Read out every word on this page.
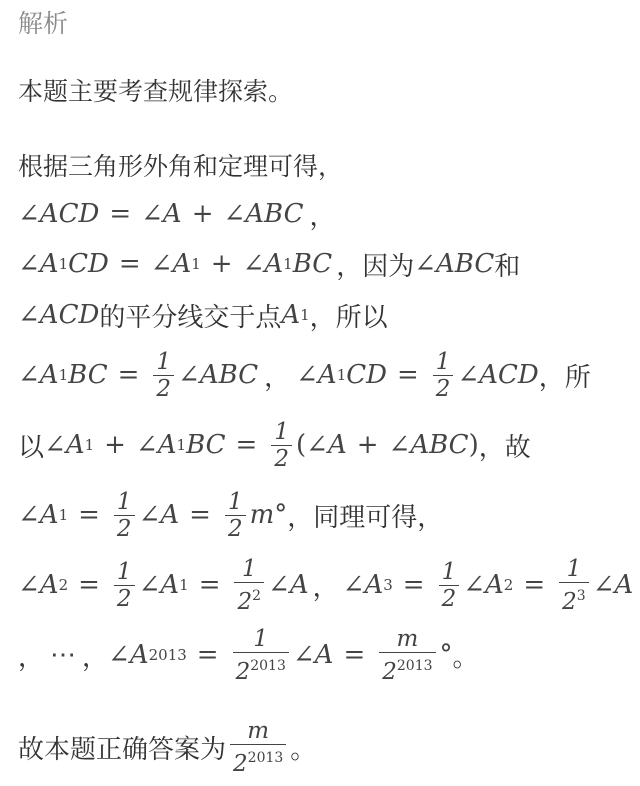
解析
本题主要考查规律探索。
根据三角形外角和定理可得，
∠ ACD = ∠ A + ∠ ABC ，
∠ A 1 CD = ∠ A 1 + ∠ A 1 BC ， 因为 ∠ ABC 和
∠ ACD 的平分线交于点 A 1 ，所以
∠ A 1 BC = $\frac{1}{2}$ ∠ ABC ， ∠ A 1 CD = $\frac{1}{2}$ ∠ ACD ，所
以 ∠ A 1 + ∠ A 1 BC = $\frac{1}{2}$ ( ∠ A + ∠ ABC ) ，故
∠ A $1 = \frac{1}{2}$ ∠ $A = \frac{1}{2}$ m ° ，同理可得，
∠ A $2 = \frac{1}{2}$ ∠ A $1 = \frac{1}{2^2}$ ∠ A ， ∠ A $3 = \frac{1}{2}$ ∠ A $2 = \frac{1}{2^3}$ ∠ A
， ⋯ ， ∠ A $2013 = \frac{1}{2^{2013}}$ ∠ $A = \frac{m}{2^{2013}}$ ° 。
故本题正确答案为 $\frac{m}{2^{2013}}$ 。
